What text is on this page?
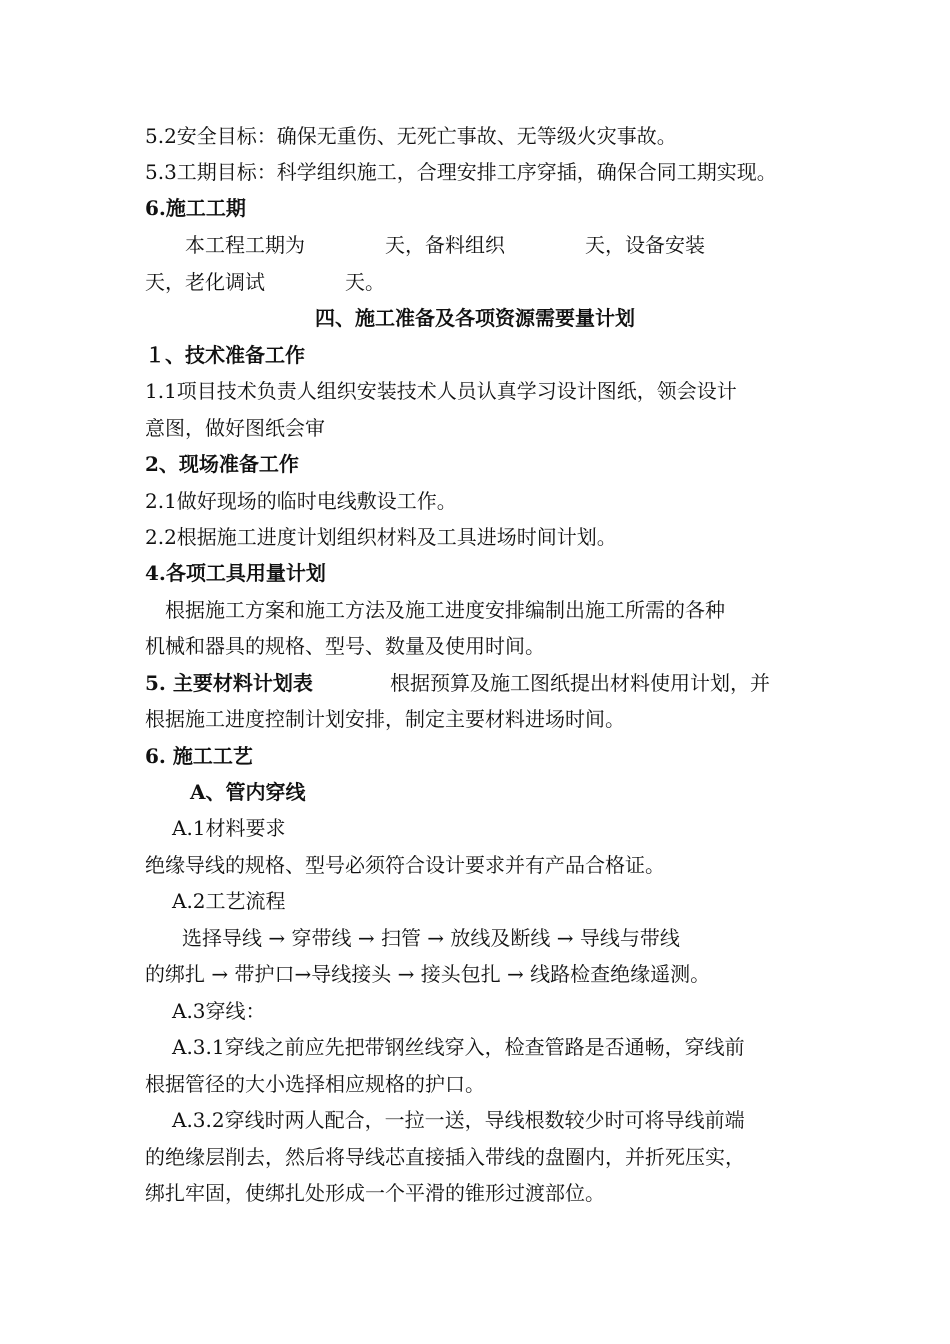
5.2安全目标：确保无重伤、无死亡事故、无等级火灾事故。
5.3工期目标：科学组织施工，合理安排工序穿插，确保合同工期实现。
6.施工工期
本工程工期为　　　　天，备料组织　　　　天，设备安装
天，老化调试　　　　天。
四、施工准备及各项资源需要量计划
１、技术准备工作
1.1项目技术负责人组织安装技术人员认真学习设计图纸，领会设计
意图，做好图纸会审
2、现场准备工作
2.1做好现场的临时电线敷设工作。
2.2根据施工进度计划组织材料及工具进场时间计划。
4.各项工具用量计划
根据施工方案和施工方法及施工进度安排编制出施工所需的各种
机械和器具的规格、型号、数量及使用时间。
5. 主要材料计划表	根据预算及施工图纸提出材料使用计划，并
根据施工进度控制计划安排，制定主要材料进场时间。
6. 施工工艺
A、管内穿线
A.1材料要求
绝缘导线的规格、型号必须符合设计要求并有产品合格证。
A.2工艺流程
选择导线 → 穿带线 → 扫管 → 放线及断线 → 导线与带线
的绑扎 → 带护口→导线接头 → 接头包扎 → 线路检查绝缘遥测。
A.3穿线：
A.3.1穿线之前应先把带钢丝线穿入，检查管路是否通畅，穿线前
根据管径的大小选择相应规格的护口。
A.3.2穿线时两人配合，一拉一送，导线根数较少时可将导线前端
的绝缘层削去，然后将导线芯直接插入带线的盘圈内，并折死压实，
绑扎牢固，使绑扎处形成一个平滑的锥形过渡部位。
